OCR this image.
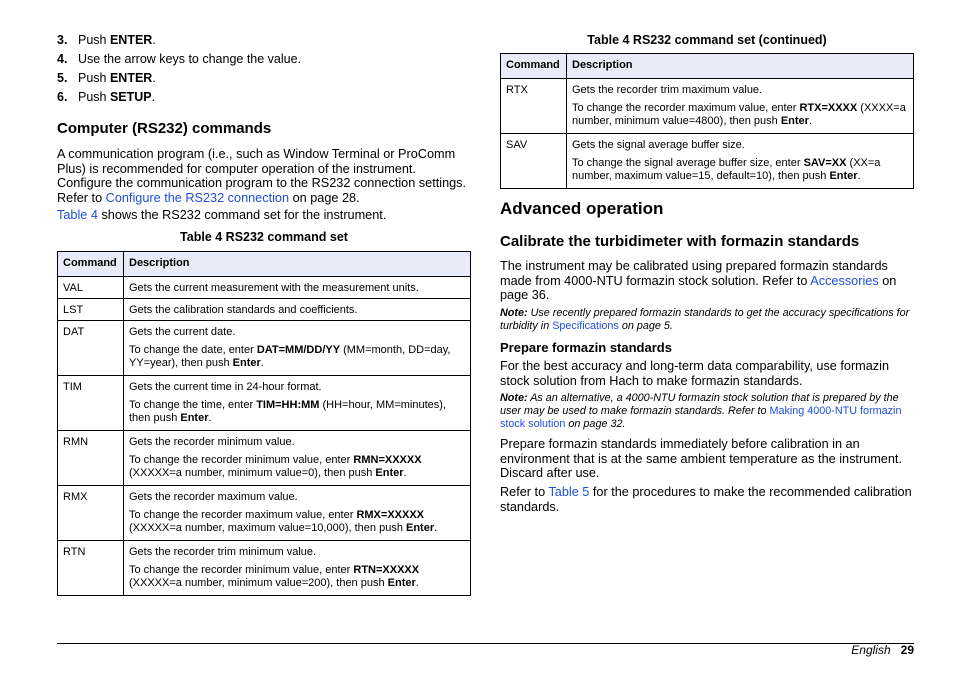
3. Push ENTER.
4. Use the arrow keys to change the value.
5. Push ENTER.
6. Push SETUP.
Computer (RS232) commands

A communication program (i.e., such as Window Terminal or ProComm Plus) is recommended for computer operation of the instrument. Configure the communication program to the RS232 connection settings. Refer to Configure the RS232 connection on page 28.

Table 4 shows the RS232 command set for the instrument.

Table 4 RS232 command set
Command	Description
VAL	Gets the current measurement with the measurement units.
LST	Gets the calibration standards and coefficients.
DAT	Gets the current date.

To change the date, enter DAT=MM/DD/YY (MM=month, DD=day, YY=year), then push Enter.

TIM	Gets the current time in 24-hour format.

To change the time, enter TIM=HH:MM (HH=hour, MM=minutes), then push Enter.

RMN	Gets the recorder minimum value.

To change the recorder minimum value, enter RMN=XXXXX (XXXXX=a number, minimum value=0), then push Enter.

RMX	Gets the recorder maximum value.

To change the recorder maximum value, enter RMX=XXXXX (XXXXX=a number, maximum value=10,000), then push Enter.

RTN	Gets the recorder trim minimum value.

To change the recorder minimum value, enter RTN=XXXXX (XXXXX=a number, minimum value=200), then push Enter.

Table 4 RS232 command set (continued)
Command	Description
RTX	Gets the recorder trim maximum value.

To change the recorder maximum value, enter RTX=XXXX (XXXX=a number, minimum value=4800), then push Enter.

SAV	Gets the signal average buffer size.

To change the signal average buffer size, enter SAV=XX (XX=a number, maximum value=15, default=10), then push Enter.

Advanced operation
Calibrate the turbidimeter with formazin standards

The instrument may be calibrated using prepared formazin standards made from 4000-NTU formazin stock solution. Refer to Accessories on page 36.

Note: Use recently prepared formazin standards to get the accuracy specifications for turbidity in Specifications on page 5.

Prepare formazin standards

For the best accuracy and long-term data comparability, use formazin stock solution from Hach to make formazin standards.

Note: As an alternative, a 4000-NTU formazin stock solution that is prepared by the user may be used to make formazin standards. Refer to Making 4000-NTU formazin stock solution on page 32.

Prepare formazin standards immediately before calibration in an environment that is at the same ambient temperature as the instrument. Discard after use.

Refer to Table 5 for the procedures to make the recommended calibration standards.

English 29
